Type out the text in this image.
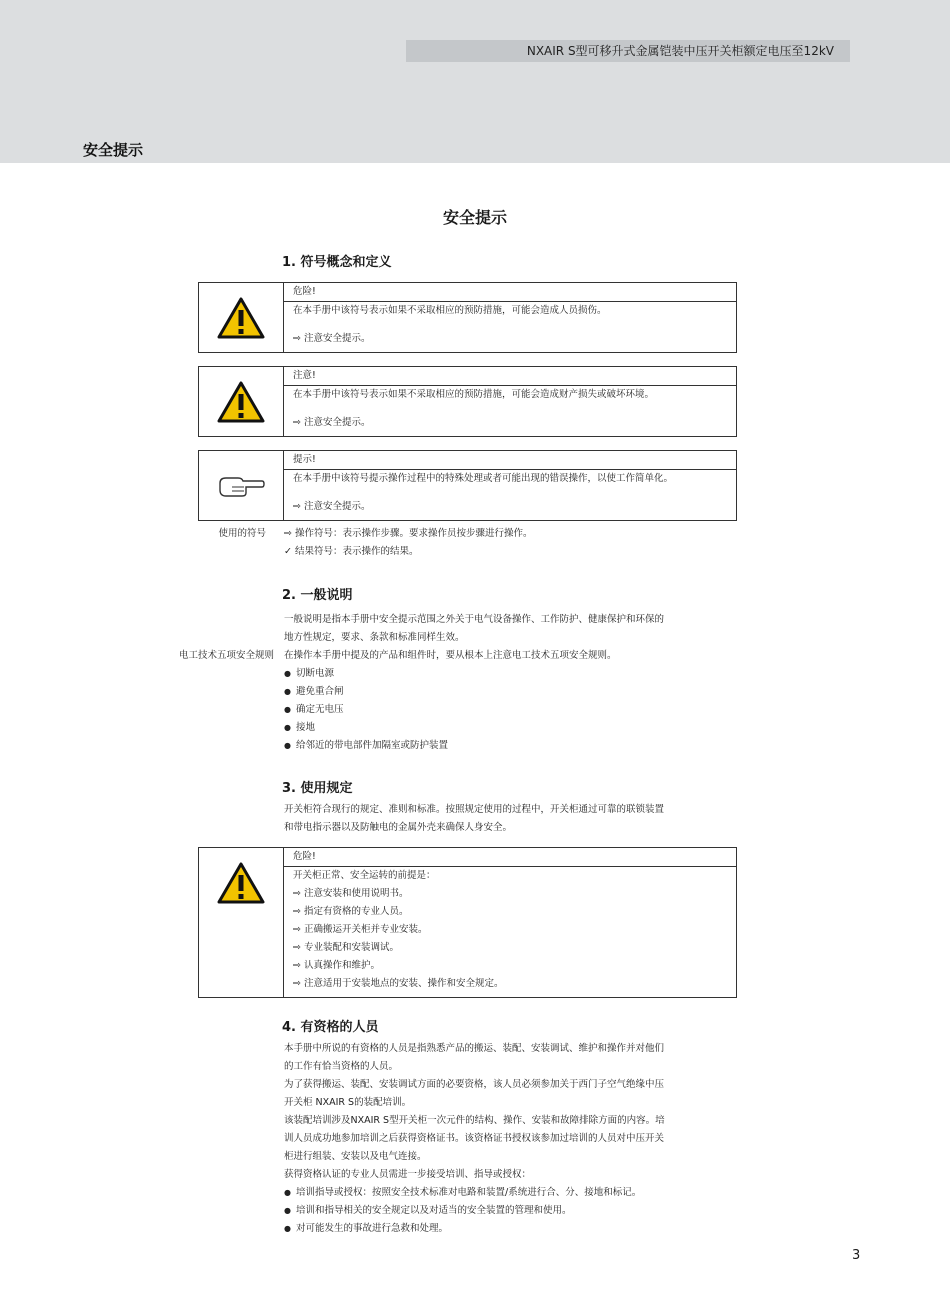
NXAIR S型可移升式金属铠装中压开关柜额定电压至12kV
安全提示
安全提示
1. 符号概念和定义
危险!
在本手册中该符号表示如果不采取相应的预防措施，可能会造成人员损伤。
⇨ 注意安全提示。
注意!
在本手册中该符号表示如果不采取相应的预防措施，可能会造成财产损失或破坏环境。
⇨ 注意安全提示。
提示!
在本手册中该符号提示操作过程中的特殊处理或者可能出现的错误操作，以使工作简单化。
⇨ 注意安全提示。
使用的符号 ⇨ 操作符号：表示操作步骤。要求操作员按步骤进行操作。

✓ 结果符号：表示操作的结果。

2. 一般说明

一般说明是指本手册中安全提示范围之外关于电气设备操作、工作防护、健康保护和环保的

地方性规定，要求、条款和标准同样生效。

在操作本手册中提及的产品和组件时，要从根本上注意电工技术五项安全规则。

● 切断电源
● 避免重合闸
● 确定无电压
● 接地
● 给邻近的带电部件加隔室或防护装置
电工技术五项安全规则
3. 使用规定

开关柜符合现行的规定、准则和标准。按照规定使用的过程中，开关柜通过可靠的联锁装置

和带电指示器以及防触电的金属外壳来确保人身安全。

危险!
开关柜正常、安全运转的前提是：
⇨ 注意安装和使用说明书。
⇨ 指定有资格的专业人员。
⇨ 正确搬运开关柜并专业安装。
⇨ 专业装配和安装调试。
⇨ 认真操作和维护。
⇨ 注意适用于安装地点的安装、操作和安全规定。
4. 有资格的人员

本手册中所说的有资格的人员是指熟悉产品的搬运、装配、安装调试、维护和操作并对他们

的工作有恰当资格的人员。

为了获得搬运、装配、安装调试方面的必要资格，该人员必须参加关于西门子空气绝缘中压

开关柜 NXAIR S的装配培训。

该装配培训涉及NXAIR S型开关柜一次元件的结构、操作、安装和故障排除方面的内容。培

训人员成功地参加培训之后获得资格证书。该资格证书授权该参加过培训的人员对中压开关

柜进行组装、安装以及电气连接。

获得资格认证的专业人员需进一步接受培训、指导或授权：

● 培训指导或授权：按照安全技术标准对电路和装置/系统进行合、分、接地和标记。
● 培训和指导相关的安全规定以及对适当的安全装置的管理和使用。
● 对可能发生的事故进行急救和处理。
3
